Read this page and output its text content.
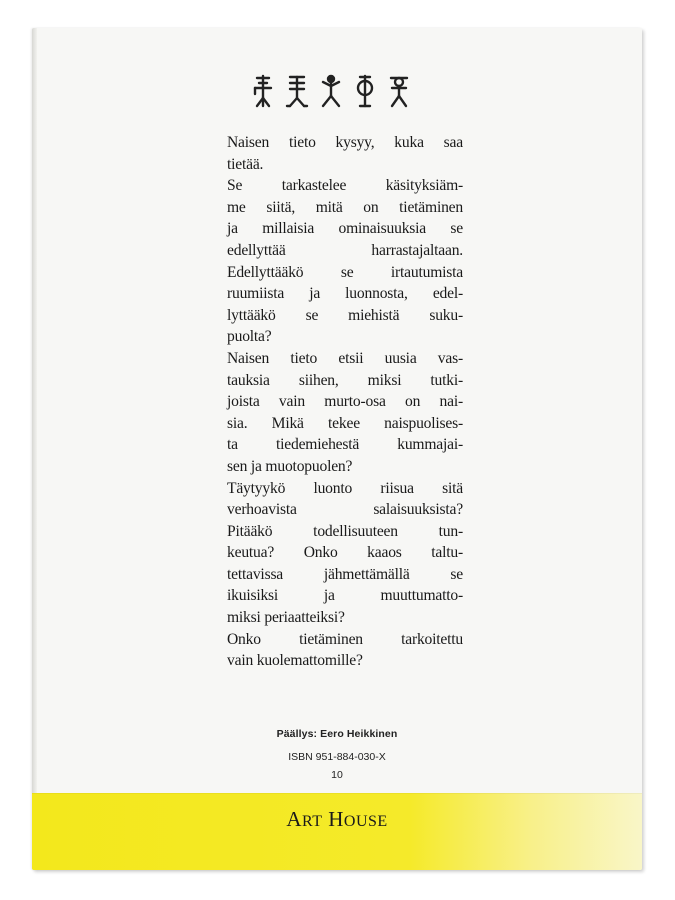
Naisen tieto kysyy, kuka saa
tietää.
Se tarkastelee käsityksiäm-
me siitä, mitä on tietäminen
ja millaisia ominaisuuksia se
edellyttää harrastajaltaan.
Edellyttääkö se irtautumista
ruumiista ja luonnosta, edel-
lyttääkö se miehistä suku-
puolta?
Naisen tieto etsii uusia vas-
tauksia siihen, miksi tutki-
joista vain murto-osa on nai-
sia. Mikä tekee naispuolises-
ta tiedemiehestä kummajai-
sen ja muotopuolen?
Täytyykö luonto riisua sitä
verhoavista salaisuuksista?
Pitääkö todellisuuteen tun-
keutua? Onko kaaos taltu-
tettavissa jähmettämällä se
ikuisiksi ja muuttumatto-
miksi periaatteiksi?
Onko tietäminen tarkoitettu
vain kuolemattomille?
Päällys: Eero Heikkinen
ISBN 951-884-030-X
10
ART HOUSE
